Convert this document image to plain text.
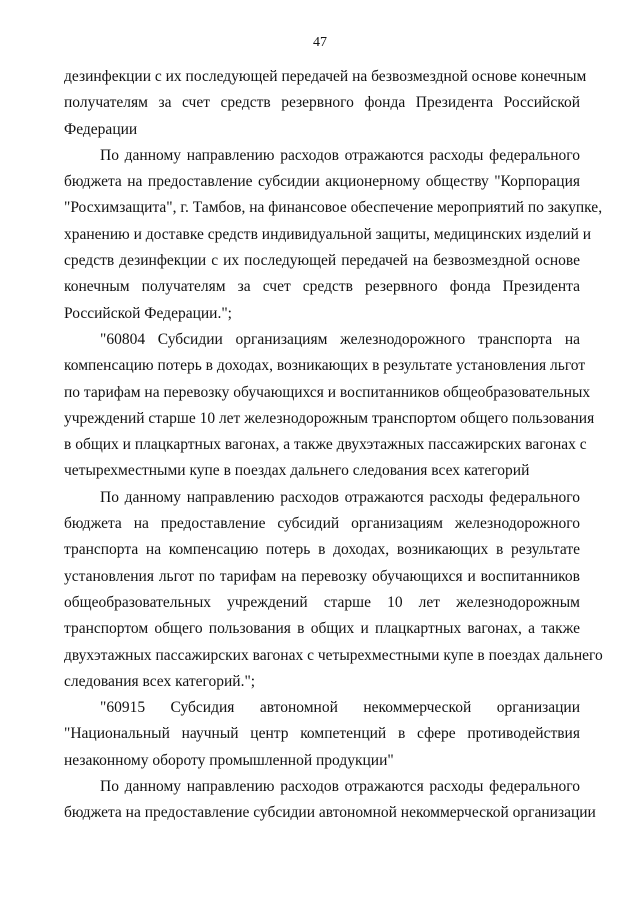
47
дезинфекции с их последующей передачей на безвозмездной основе конечным
получателям за счет средств резервного фонда Президента Российской
Федерации
По данному направлению расходов отражаются расходы федерального
бюджета на предоставление субсидии акционерному обществу "Корпорация
"Росхимзащита", г. Тамбов, на финансовое обеспечение мероприятий по закупке,
хранению и доставке средств индивидуальной защиты, медицинских изделий и
средств дезинфекции с их последующей передачей на безвозмездной основе
конечным получателям за счет средств резервного фонда Президента
Российской Федерации.";
"60804 Субсидии организациям железнодорожного транспорта на
компенсацию потерь в доходах, возникающих в результате установления льгот
по тарифам на перевозку обучающихся и воспитанников общеобразовательных
учреждений старше 10 лет железнодорожным транспортом общего пользования
в общих и плацкартных вагонах, а также двухэтажных пассажирских вагонах с
четырехместными купе в поездах дальнего следования всех категорий
По данному направлению расходов отражаются расходы федерального
бюджета на предоставление субсидий организациям железнодорожного
транспорта на компенсацию потерь в доходах, возникающих в результате
установления льгот по тарифам на перевозку обучающихся и воспитанников
общеобразовательных учреждений старше 10 лет железнодорожным
транспортом общего пользования в общих и плацкартных вагонах, а также
двухэтажных пассажирских вагонах с четырехместными купе в поездах дальнего
следования всех категорий.";
"60915 Субсидия автономной некоммерческой организации
"Национальный научный центр компетенций в сфере противодействия
незаконному обороту промышленной продукции"
По данному направлению расходов отражаются расходы федерального
бюджета на предоставление субсидии автономной некоммерческой организации
